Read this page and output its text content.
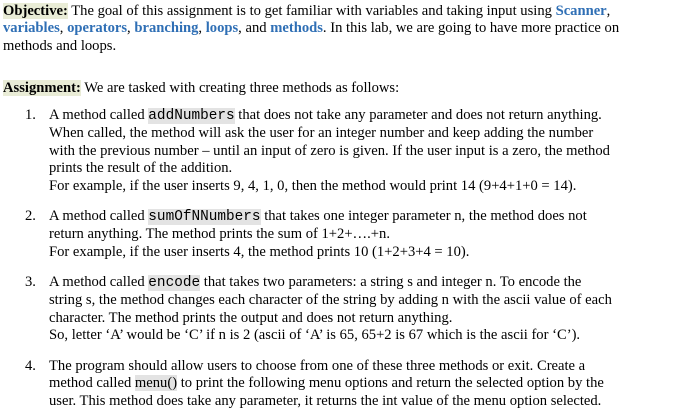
Objective: The goal of this assignment is to get familiar with variables and taking input using Scanner,

variables, operators, branching, loops, and methods. In this lab, we are going to have more practice on

methods and loops.

Assignment: We are tasked with creating three methods as follows:

1. A method called addNumbers that does not take any parameter and does not return anything.

When called, the method will ask the user for an integer number and keep adding the number

with the previous number – until an input of zero is given. If the user input is a zero, the method

prints the result of the addition.

For example, if the user inserts 9, 4, 1, 0, then the method would print 14 (9+4+1+0 = 14).

2. A method called sumOfNNumbers that takes one integer parameter n, the method does not

return anything. The method prints the sum of 1+2+….+n.

For example, if the user inserts 4, the method prints 10 (1+2+3+4 = 10).

3. A method called encode that takes two parameters: a string s and integer n. To encode the

string s, the method changes each character of the string by adding n with the ascii value of each

character. The method prints the output and does not return anything.

So, letter ‘A’ would be ‘C’ if n is 2 (ascii of ‘A’ is 65, 65+2 is 67 which is the ascii for ‘C’).

4. The program should allow users to choose from one of these three methods or exit. Create a

method called menu() to print the following menu options and return the selected option by the

user. This method does take any parameter, it returns the int value of the menu option selected.
